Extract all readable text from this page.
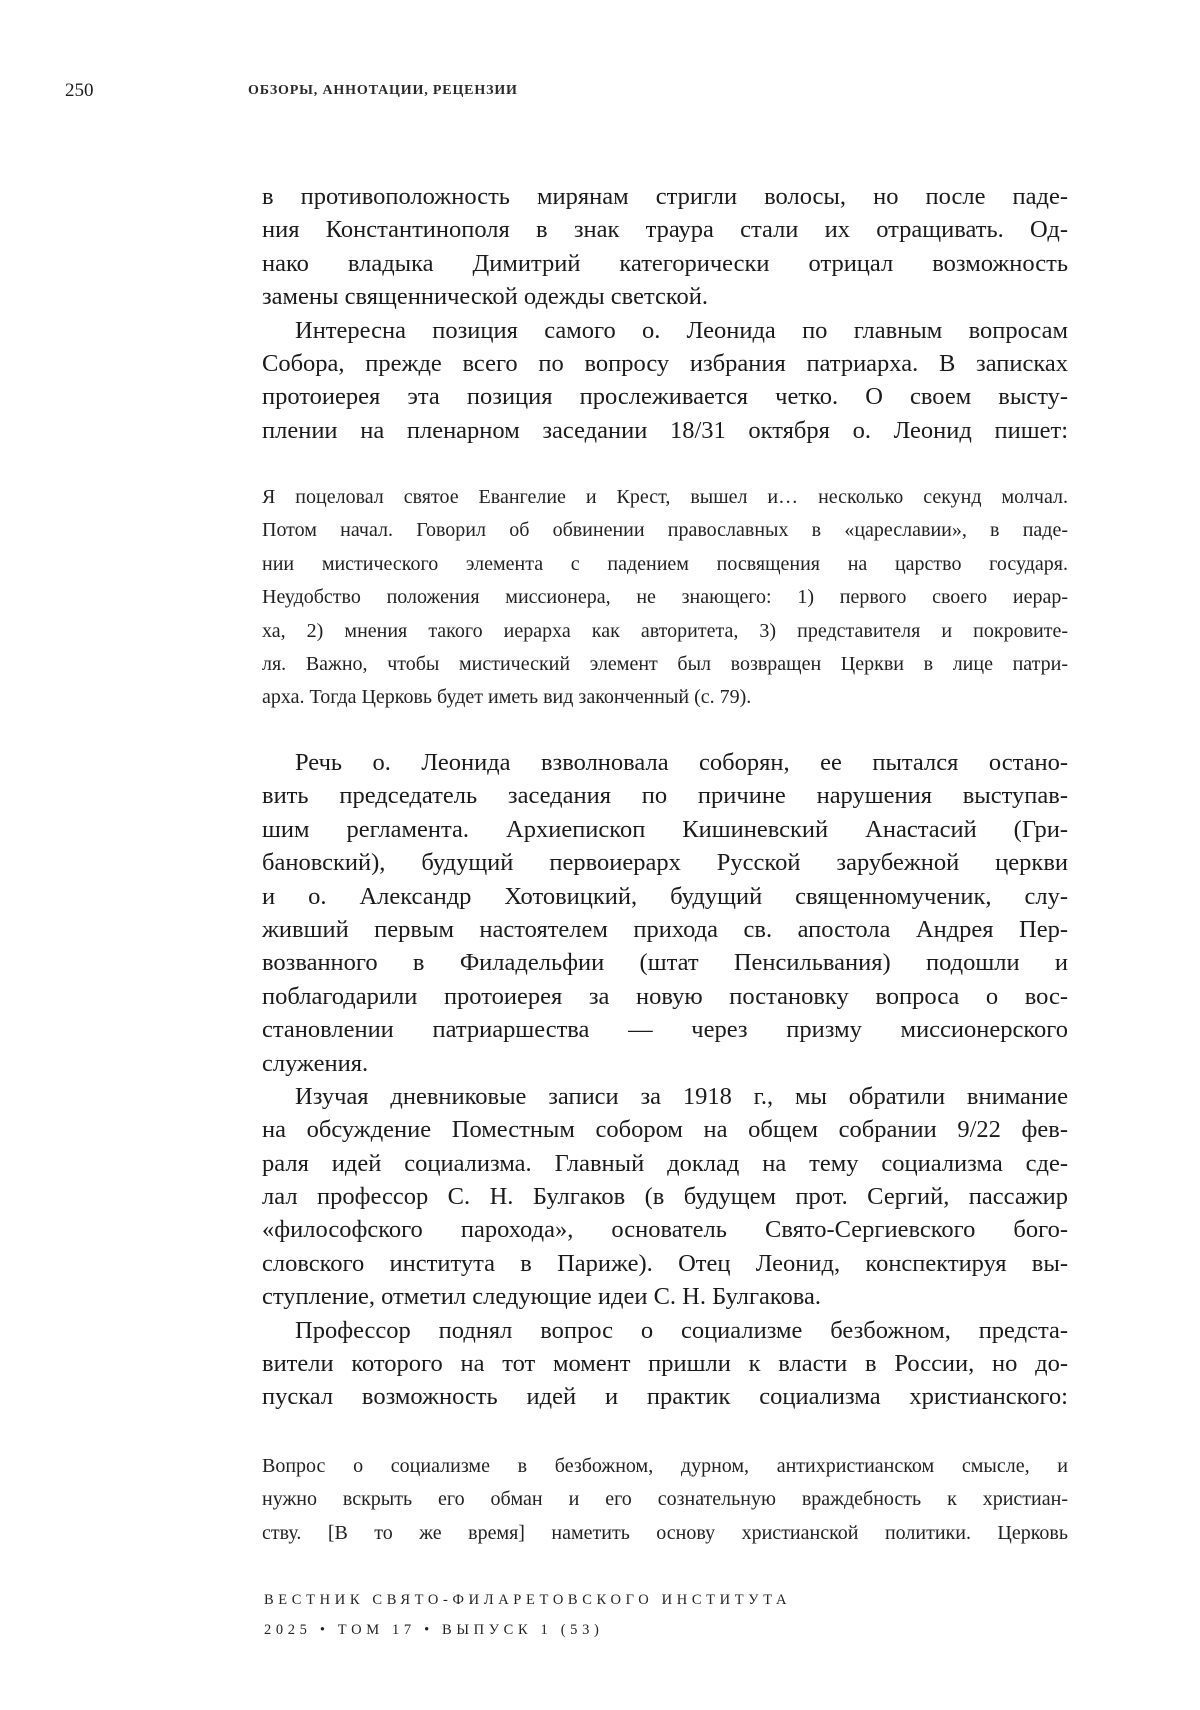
250	ОБЗОРЫ, АННОТАЦИИ, РЕЦЕНЗИИ
в противоположность мирянам стригли волосы, но после паде-
ния Константинополя в знак траура стали их отращивать. Од-
нако владыка Димитрий категорически отрицал возможность
замены священнической одежды светской.
Интересна позиция самого о. Леонида по главным вопросам
Собора, прежде всего по вопросу избрания патриарха. В записках
протоиерея эта позиция прослеживается четко. О своем высту-
плении на пленарном заседании 18/31 октября о. Леонид пишет:
Я поцеловал святое Евангелие и Крест, вышел и… несколько секунд молчал.
Потом начал. Говорил об обвинении православных в «цареславии», в паде-
нии мистического элемента с падением посвящения на царство государя.
Неудобство положения миссионера, не знающего: 1) первого своего иерар-
ха, 2) мнения такого иерарха как авторитета, 3) представителя и покровите-
ля. Важно, чтобы мистический элемент был возвращен Церкви в лице патри-
арха. Тогда Церковь будет иметь вид законченный (с. 79).
Речь о. Леонида взволновала соборян, ее пытался остано-
вить председатель заседания по причине нарушения выступав-
шим регламента. Архиепископ Кишиневский Анастасий (Гри-
бановский), будущий первоиерарх Русской зарубежной церкви
и о. Александр Хотовицкий, будущий священномученик, слу-
живший первым настоятелем прихода св. апостола Андрея Пер-
возванного в Филадельфии (штат Пенсильвания) подошли и
поблагодарили протоиерея за новую постановку вопроса о вос-
становлении патриаршества — через призму миссионерского
служения.
Изучая дневниковые записи за 1918 г., мы обратили внимание
на обсуждение Поместным собором на общем собрании 9/22 фев-
раля идей социализма. Главный доклад на тему социализма сде-
лал профессор С. Н. Булгаков (в будущем прот. Сергий, пассажир
«философского парохода», основатель Свято-Сергиевского бого-
словского института в Париже). Отец Леонид, конспектируя вы-
ступление, отметил следующие идеи С. Н. Булгакова.
Профессор поднял вопрос о социализме безбожном, предста-
вители которого на тот момент пришли к власти в России, но до-
пускал возможность идей и практик социализма христианского:
Вопрос о социализме в безбожном, дурном, антихристианском смысле, и
нужно вскрыть его обман и его сознательную враждебность к христиан-
ству. [В то же время] наметить основу христианской политики. Церковь
ВЕСТНИК СВЯТО-ФИЛАРЕТОВСКОГО ИНСТИТУТА
2025 • ТОМ 17 • ВЫПУСК 1 (53)
